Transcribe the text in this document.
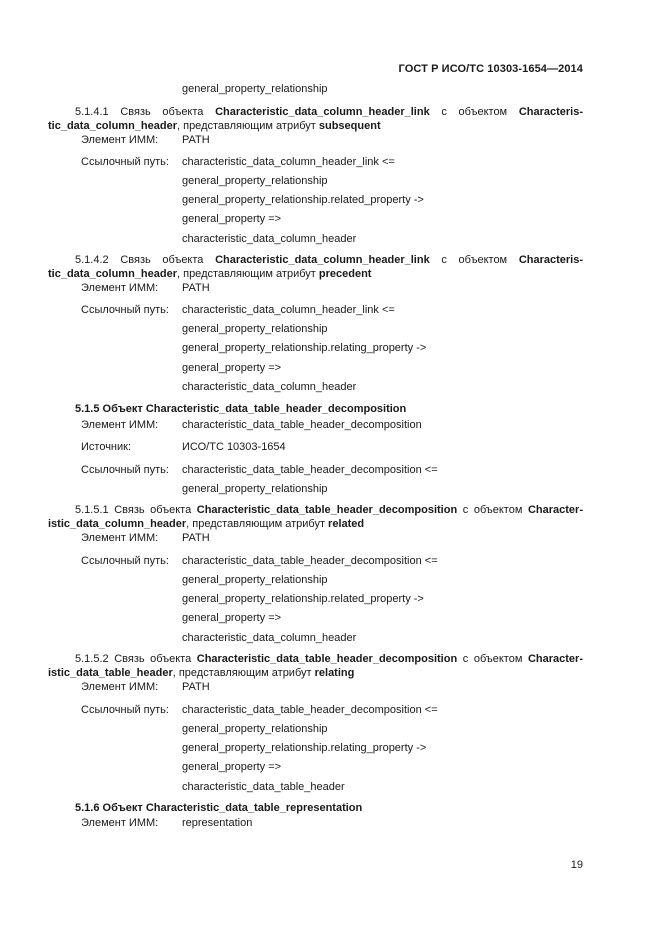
ГОСТ Р ИСО/ТС 10303-1654—2014
general_property_relationship
5.1.4.1 Связь объекта Characteristic_data_column_header_link с объектом Characteris-
tic_data_column_header, представляющим атрибут subsequent
Элемент ИММ: PATH
Ссылочный путь: characteristic_data_column_header_link <=
general_property_relationship
general_property_relationship.related_property ->
general_property =>
characteristic_data_column_header
5.1.4.2 Связь объекта Characteristic_data_column_header_link с объектом Characteris-
tic_data_column_header, представляющим атрибут precedent
Элемент ИММ: PATH
Ссылочный путь: characteristic_data_column_header_link <=
general_property_relationship
general_property_relationship.relating_property ->
general_property =>
characteristic_data_column_header
5.1.5 Объект Characteristic_data_table_header_decomposition
Элемент ИММ: characteristic_data_table_header_decomposition
Источник:	ИСО/ТС 10303-1654
Ссылочный путь: characteristic_data_table_header_decomposition <=
general_property_relationship
5.1.5.1 Связь объекта Characteristic_data_table_header_decomposition с объектом Character-
istic_data_column_header, представляющим атрибут related
Элемент ИММ: PATH
Ссылочный путь: characteristic_data_table_header_decomposition <=
general_property_relationship
general_property_relationship.related_property ->
general_property =>
characteristic_data_column_header
5.1.5.2 Связь объекта Characteristic_data_table_header_decomposition с объектом Character-
istic_data_table_header, представляющим атрибут relating
Элемент ИММ: PATH
Ссылочный путь: characteristic_data_table_header_decomposition <=
general_property_relationship
general_property_relationship.relating_property ->
general_property =>
characteristic_data_table_header
5.1.6 Объект Characteristic_data_table_representation
Элемент ИММ: representation
19
